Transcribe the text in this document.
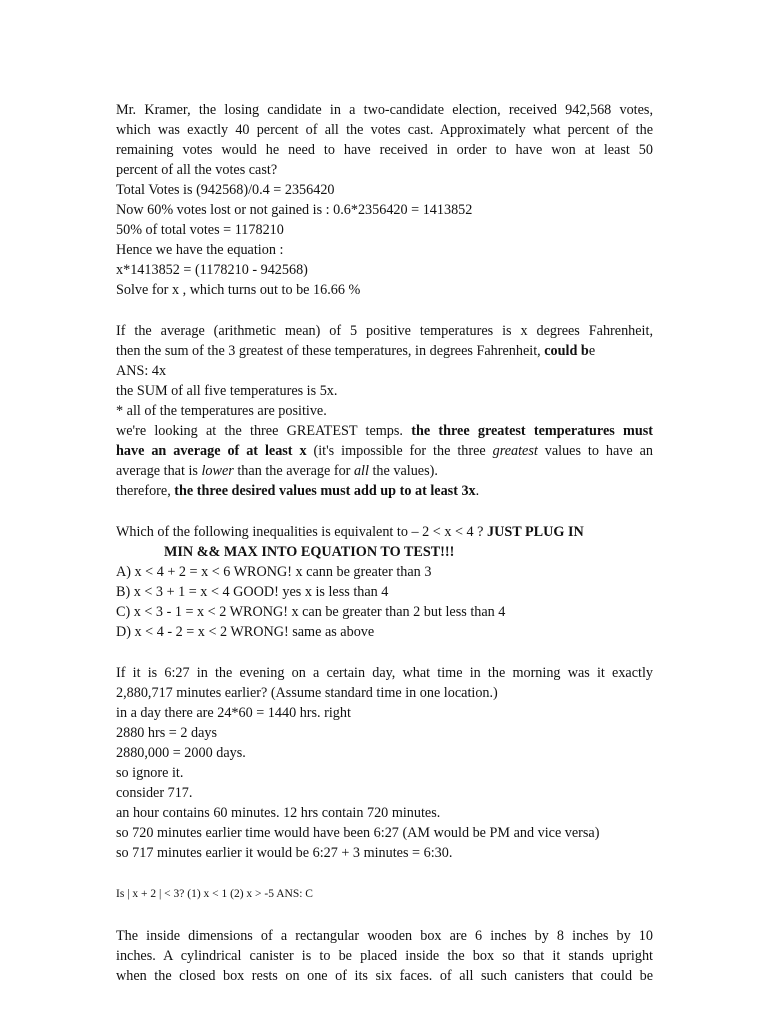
Mr. Kramer, the losing candidate in a two-candidate election, received 942,568 votes,
which was exactly 40 percent of all the votes cast. Approximately what percent of the
remaining votes would he need to have received in order to have won at least 50
percent of all the votes cast?
Total Votes is (942568)/0.4 = 2356420
Now 60% votes lost or not gained is : 0.6*2356420 = 1413852
50% of total votes = 1178210
Hence we have the equation :
x*1413852 = (1178210 - 942568)
Solve for x , which turns out to be 16.66 %
If the average (arithmetic mean) of 5 positive temperatures is x degrees Fahrenheit,
then the sum of the 3 greatest of these temperatures, in degrees Fahrenheit, could be
ANS: 4x
the SUM of all five temperatures is 5x.
* all of the temperatures are positive.
we're looking at the three GREATEST temps. the three greatest temperatures must
have an average of at least x (it's impossible for the three greatest values to have an
average that is lower than the average for all the values).
therefore, the three desired values must add up to at least 3x.
Which of the following inequalities is equivalent to – 2 < x < 4 ? JUST PLUG IN
MIN && MAX INTO EQUATION TO TEST!!!
A) x < 4 + 2 = x < 6 WRONG! x cann be greater than 3
B) x < 3 + 1 = x < 4 GOOD! yes x is less than 4
C) x < 3 - 1 = x < 2 WRONG! x can be greater than 2 but less than 4
D) x < 4 - 2 = x < 2 WRONG! same as above
If it is 6:27 in the evening on a certain day, what time in the morning was it exactly
2,880,717 minutes earlier? (Assume standard time in one location.)
in a day there are 24*60 = 1440 hrs. right
2880 hrs = 2 days
2880,000 = 2000 days.
so ignore it.
consider 717.
an hour contains 60 minutes. 12 hrs contain 720 minutes.
so 720 minutes earlier time would have been 6:27 (AM would be PM and vice versa)
so 717 minutes earlier it would be 6:27 + 3 minutes = 6:30.
Is | x + 2 | < 3? (1) x < 1 (2) x > -5 ANS: C
The inside dimensions of a rectangular wooden box are 6 inches by 8 inches by 10
inches. A cylindrical canister is to be placed inside the box so that it stands upright
when the closed box rests on one of its six faces. of all such canisters that could be
